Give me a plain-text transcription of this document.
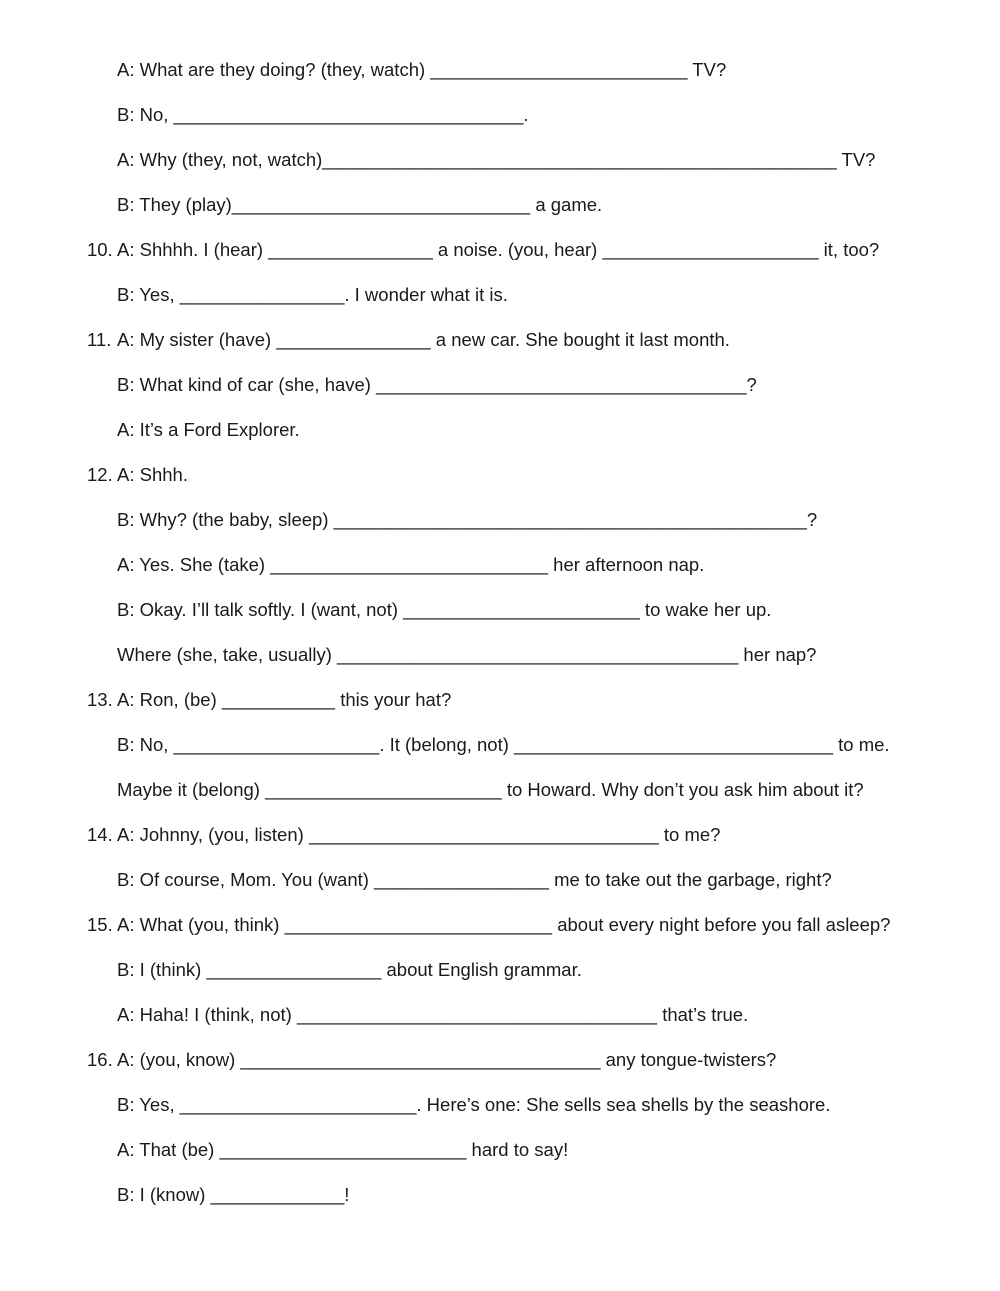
A: What are they doing? (they, watch) _________________________ TV?
B: No, __________________________________.
A: Why (they, not, watch)__________________________________________________ TV?
B: They (play)_____________________________ a game.
10. A: Shhhh. I (hear) ________________ a noise. (you, hear) _____________________ it, too?
B: Yes, ________________. I wonder what it is.
11. A: My sister (have) _______________ a new car. She bought it last month.
B: What kind of car (she, have) ____________________________________?
A: It’s a Ford Explorer.
12. A: Shhh.
B: Why? (the baby, sleep) ______________________________________________?
A: Yes. She (take) ___________________________ her afternoon nap.
B: Okay. I’ll talk softly. I (want, not) _______________________ to wake her up.
Where (she, take, usually) _______________________________________ her nap?
13. A: Ron, (be) ___________ this your hat?
B: No, ____________________. It (belong, not) _______________________________ to me.
Maybe it (belong) _______________________ to Howard. Why don’t you ask him about it?
14. A: Johnny, (you, listen) __________________________________ to me?
B: Of course, Mom. You (want) _________________ me to take out the garbage, right?
15. A: What (you, think) __________________________ about every night before you fall asleep?
B: I (think) _________________ about English grammar.
A: Haha! I (think, not) ___________________________________ that’s true.
16. A: (you, know) ___________________________________ any tongue-twisters?
B: Yes, _______________________. Here’s one: She sells sea shells by the seashore.
A: That (be) ________________________ hard to say!
B: I (know) _____________!
